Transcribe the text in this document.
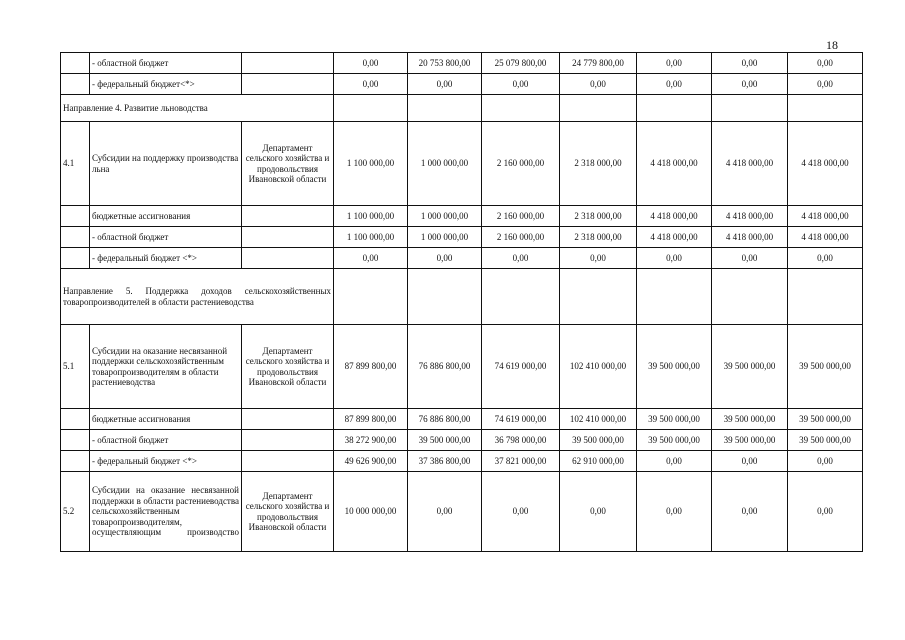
18
	- областной бюджет		0,00	20 753 800,00	25 079 800,00	24 779 800,00	0,00	0,00	0,00
	- федеральный бюджет<*>		0,00	0,00	0,00	0,00	0,00	0,00	0,00
Направление 4. Развитие льноводства									
4.1	Субсидии на поддержку производства льна	Департамент сельского хозяйства и продовольствия Ивановской области	1 100 000,00	1 000 000,00	2 160 000,00	2 318 000,00	4 418 000,00	4 418 000,00	4 418 000,00
	бюджетные ассигнования		1 100 000,00	1 000 000,00	2 160 000,00	2 318 000,00	4 418 000,00	4 418 000,00	4 418 000,00
	- областной бюджет		1 100 000,00	1 000 000,00	2 160 000,00	2 318 000,00	4 418 000,00	4 418 000,00	4 418 000,00
	- федеральный бюджет <*>		0,00	0,00	0,00	0,00	0,00	0,00	0,00
Направление 5. Поддержка доходов сельскохозяйственных товаропроизводителей в области растениеводства									
5.1	Субсидии на оказание несвязанной поддержки сельскохозяйственным товаропроизводителям в области растениеводства	Департамент сельского хозяйства и продовольствия Ивановской области	87 899 800,00	76 886 800,00	74 619 000,00	102 410 000,00	39 500 000,00	39 500 000,00	39 500 000,00
	бюджетные ассигнования		87 899 800,00	76 886 800,00	74 619 000,00	102 410 000,00	39 500 000,00	39 500 000,00	39 500 000,00
	- областной бюджет		38 272 900,00	39 500 000,00	36 798 000,00	39 500 000,00	39 500 000,00	39 500 000,00	39 500 000,00
	- федеральный бюджет <*>		49 626 900,00	37 386 800,00	37 821 000,00	62 910 000,00	0,00	0,00	0,00
5.2	Субсидии на оказание несвязанной поддержки в области растениеводства сельскохозяйственным товаропроизводителям, осуществляющим производство	Департамент сельского хозяйства и продовольствия Ивановской области	10 000 000,00	0,00	0,00	0,00	0,00	0,00	0,00
